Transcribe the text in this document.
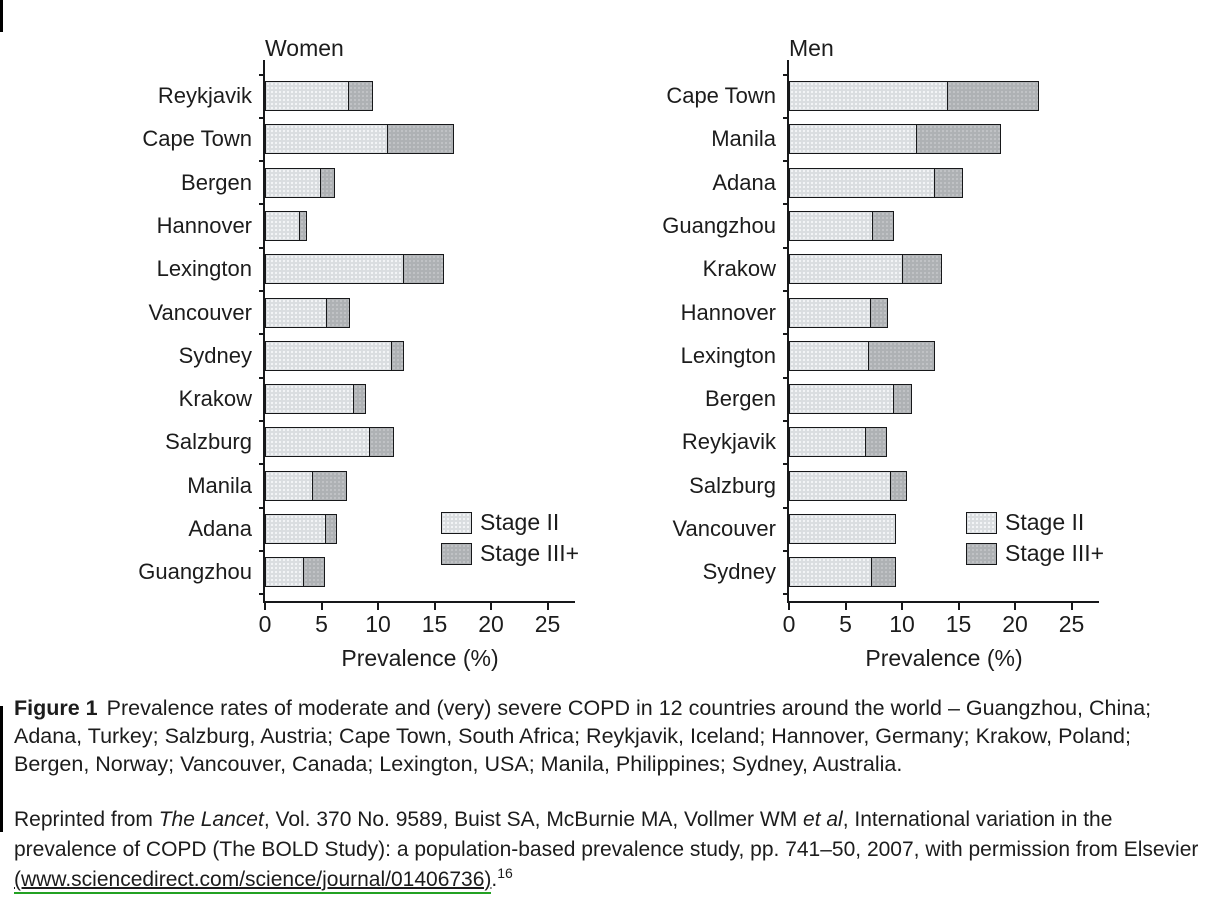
Women
Reykjavik
Cape Town
Bergen
Hannover
Lexington
Vancouver
Sydney
Krakow
Salzburg
Manila
Adana
Guangzhou
0	5	10	15	20	25
Prevalence (%)
Stage II
Stage III+
Men
Cape Town
Manila
Adana
Guangzhou
Krakow
Hannover
Lexington
Bergen
Reykjavik
Salzburg
Vancouver
Sydney
0	5	10	15	20	25
Prevalence (%)
Stage II
Stage III+

Figure 1 Prevalence rates of moderate and (very) severe COPD in 12 countries around the world – Guangzhou, China; Adana, Turkey; Salzburg, Austria; Cape Town, South Africa; Reykjavik, Iceland; Hannover, Germany; Krakow, Poland; Bergen, Norway; Vancouver, Canada; Lexington, USA; Manila, Philippines; Sydney, Australia.

Reprinted from The Lancet, Vol. 370 No. 9589, Buist SA, McBurnie MA, Vollmer WM et al, International variation in the prevalence of COPD (The BOLD Study): a population-based prevalence study, pp. 741–50, 2007, with permission from Elsevier (www.sciencedirect.com/science/journal/01406736).$^{16}$
